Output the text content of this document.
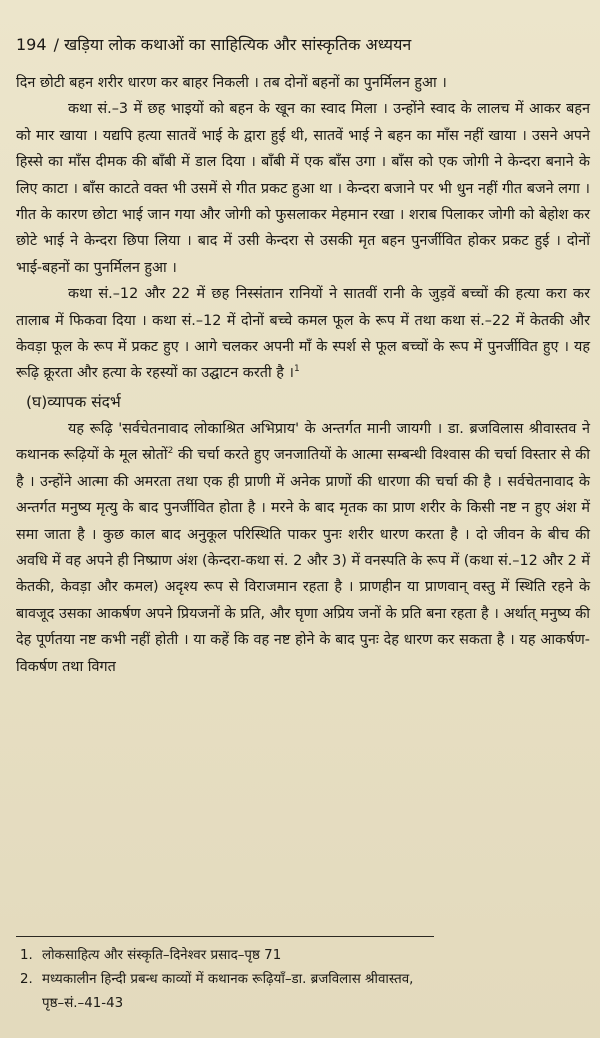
194 / खड़िया लोक कथाओं का साहित्यिक और सांस्कृतिक अध्ययन

दिन छोटी बहन शरीर धारण कर बाहर निकली । तब दोनों बहनों का पुनर्मिलन हुआ ।

कथा सं.–3 में छह भाइयों को बहन के खून का स्वाद मिला । उन्होंने स्वाद के लालच में आकर बहन को मार खाया । यद्यपि हत्या सातवें भाई के द्वारा हुई थी, सातवें भाई ने बहन का माँस नहीं खाया । उसने अपने हिस्से का माँस दीमक की बाँबी में डाल दिया । बाँबी में एक बाँस उगा । बाँस को एक जोगी ने केन्दरा बनाने के लिए काटा । बाँस काटते वक्त भी उसमें से गीत प्रकट हुआ था । केन्दरा बजाने पर भी धुन नहीं गीत बजने लगा । गीत के कारण छोटा भाई जान गया और जोगी को फुसलाकर मेहमान रखा । शराब पिलाकर जोगी को बेहोश कर छोटे भाई ने केन्दरा छिपा लिया । बाद में उसी केन्दरा से उसकी मृत बहन पुनर्जीवित होकर प्रकट हुई । दोनों भाई-बहनों का पुनर्मिलन हुआ ।

कथा सं.–12 और 22 में छह निस्संतान रानियों ने सातवीं रानी के जुड़वें बच्चों की हत्या करा कर तालाब में फिकवा दिया । कथा सं.–12 में दोनों बच्चे कमल फूल के रूप में तथा कथा सं.–22 में केतकी और केवड़ा फूल के रूप में प्रकट हुए । आगे चलकर अपनी माँ के स्पर्श से फूल बच्चों के रूप में पुनर्जीवित हुए । यह रूढ़ि क्रूरता और हत्या के रहस्यों का उद्घाटन करती है ।$^1$

(घ)व्यापक संदर्भ

यह रूढ़ि 'सर्वचेतनावाद लोकाश्रित अभिप्राय' के अन्तर्गत मानी जायगी । डा. ब्रजविलास श्रीवास्तव ने कथानक रूढ़ियों के मूल स्रोतों$^2$ की चर्चा करते हुए जनजातियों के आत्मा सम्बन्धी विश्वास की चर्चा विस्तार से की है । उन्होंने आत्मा की अमरता तथा एक ही प्राणी में अनेक प्राणों की धारणा की चर्चा की है । सर्वचेतनावाद के अन्तर्गत मनुष्य मृत्यु के बाद पुनर्जीवित होता है । मरने के बाद मृतक का प्राण शरीर के किसी नष्ट न हुए अंश में समा जाता है । कुछ काल बाद अनुकूल परिस्थिति पाकर पुनः शरीर धारण करता है । दो जीवन के बीच की अवधि में वह अपने ही निष्प्राण अंश (केन्दरा-कथा सं. 2 और 3) में वनस्पति के रूप में (कथा सं.–12 और 2 में केतकी, केवड़ा और कमल) अदृश्य रूप से विराजमान रहता है । प्राणहीन या प्राणवान् वस्तु में स्थिति रहने के बावजूद उसका आकर्षण अपने प्रियजनों के प्रति, और घृणा अप्रिय जनों के प्रति बना रहता है । अर्थात् मनुष्य की देह पूर्णतया नष्ट कभी नहीं होती । या कहें कि वह नष्ट होने के बाद पुनः देह धारण कर सकता है । यह आकर्षण-विकर्षण तथा विगत

1. लोकसाहित्य और संस्कृति–दिनेश्वर प्रसाद–पृष्ठ 71
2. मध्यकालीन हिन्दी प्रबन्ध काव्यों में कथानक रूढ़ियाँ–डा. ब्रजविलास श्रीवास्तव,
पृष्ठ–सं.–41-43
